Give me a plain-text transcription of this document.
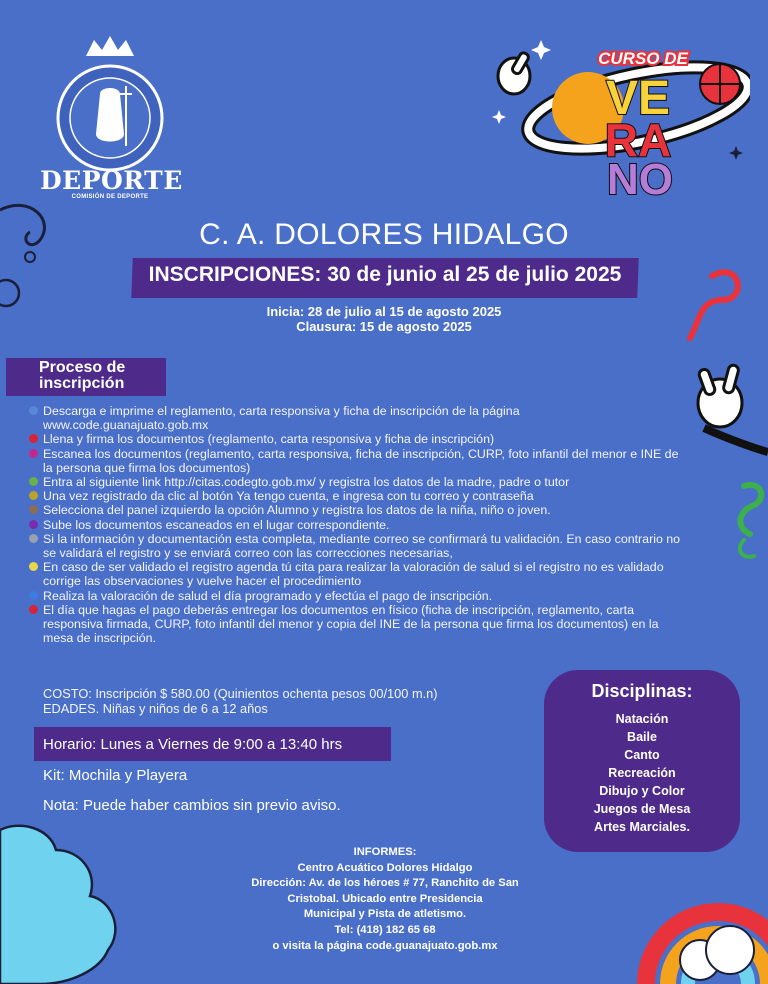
DEPORTE
COMISIÓN DE DEPORTE
CURSO DE
VE
RA
NO
C. A. DOLORES HIDALGO
INSCRIPCIONES: 30 de junio al 25 de julio 2025
Inicia: 28 de julio al 15 de agosto 2025
Clausura: 15 de agosto 2025
Proceso de
inscripción
Descarga e imprime el reglamento, carta responsiva y ficha de inscripción de la página www.code.guanajuato.gob.mx
Llena y firma los documentos (reglamento, carta responsiva y ficha de inscripción)
Escanea los documentos (reglamento, carta responsiva, ficha de inscripción, CURP, foto infantil del menor e INE de la persona que firma los documentos)
Entra al siguiente link http://citas.codegto.gob.mx/ y registra los datos de la madre, padre o tutor
Una vez registrado da clic al botón Ya tengo cuenta, e ingresa con tu correo y contraseña
Selecciona del panel izquierdo la opción Alumno y registra los datos de la niña, niño o joven.
Sube los documentos escaneados en el lugar correspondiente.
Si la información y documentación esta completa, mediante correo se confirmará tu validación. En caso contrario no se validará el registro y se enviará correo con las correcciones necesarias,
En caso de ser validado el registro agenda tú cita para realizar la valoración de salud si el registro no es validado corrige las observaciones y vuelve hacer el procedimiento
Realiza la valoración de salud el día programado y efectúa el pago de inscripción.
El día que hagas el pago deberás entregar los documentos en físico (ficha de inscripción, reglamento, carta responsiva firmada, CURP, foto infantil del menor y copia del INE de la persona que firma los documentos) en la mesa de inscripción.
COSTO: Inscripción $ 580.00 (Quinientos ochenta pesos 00/100 m.n)
EDADES. Niñas y niños de 6 a 12 años
Horario: Lunes a Viernes de 9:00 a 13:40 hrs
Kit: Mochila y Playera
Nota: Puede haber cambios sin previo aviso.
Disciplinas:
Natación
Baile
Canto
Recreación
Dibujo y Color
Juegos de Mesa
Artes Marciales.
INFORMES:
Centro Acuático Dolores Hidalgo
Dirección: Av. de los héroes # 77, Ranchito de San
Cristobal. Ubicado entre Presidencia
Municipal y Pista de atletismo.
Tel: (418) 182 65 68
o visita la página code.guanajuato.gob.mx
